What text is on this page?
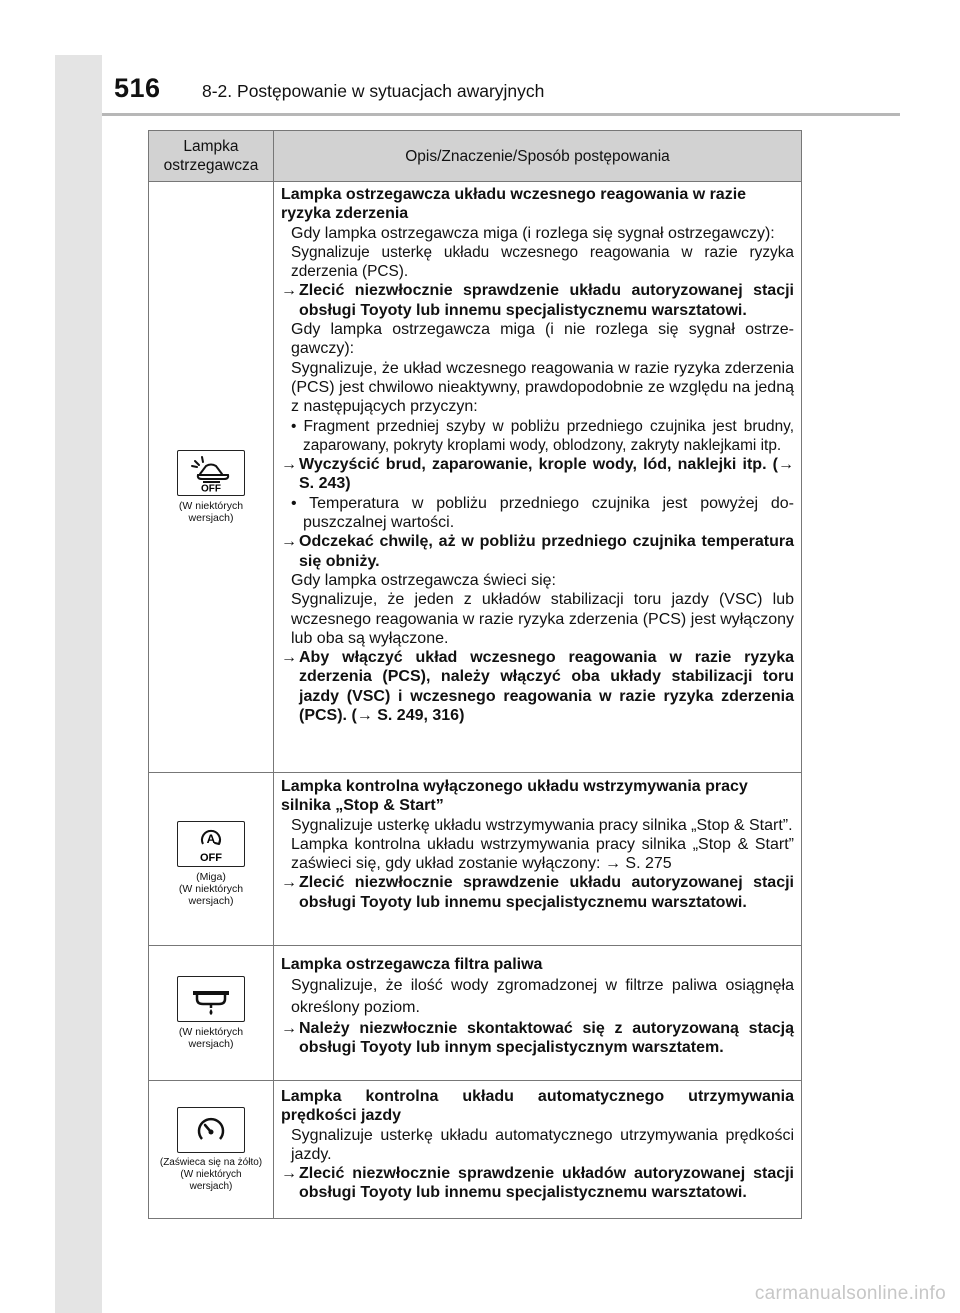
516 8-2. Postępowanie w sytuacjach awaryjnych
Lampka
ostrzegawcza
Opis/Znaczenie/Sposób postępowania
OFF
(W niektórych
wersjach)
Lampka ostrzegawcza układu wczesnego reagowania w razie ryzyka zderzenia
Gdy lampka ostrzegawcza miga (i rozlega się sygnał ostrzegawczy):
Sygnalizuje usterkę układu wczesnego reagowania w razie ryzyka zderzenia (PCS).
→ Zlecić niezwłocznie sprawdzenie układu autoryzowanej stacji obsługi Toyoty lub innemu specjalistycznemu warsztatowi.
Gdy lampka ostrzegawcza miga (i nie rozlega się sygnał ostrzegawczy):
Sygnalizuje, że układ wczesnego reagowania w razie ryzyka zderzenia (PCS) jest chwilowo nieaktywny, prawdopodobnie ze względu na jedną z następujących przyczyn:
• Fragment przedniej szyby w pobliżu przedniego czujnika jest brudny, zaparowany, pokryty kroplami wody, oblodzony, zakryty naklejkami itp.
→ Wyczyścić brud, zaparowanie, krople wody, lód, naklejki itp. (→ S. 243)
• Temperatura w pobliżu przedniego czujnika jest powyżej dopuszczalnej wartości.
→ Odczekać chwilę, aż w pobliżu przedniego czujnika temperatura się obniży.
Gdy lampka ostrzegawcza świeci się:
Sygnalizuje, że jeden z układów stabilizacji toru jazdy (VSC) lub wczesnego reagowania w razie ryzyka zderzenia (PCS) jest wyłączony lub oba są wyłączone.
→ Aby włączyć układ wczesnego reagowania w razie ryzyka zderzenia (PCS), należy włączyć oba układy stabilizacji toru jazdy (VSC) i wczesnego reagowania w razie ryzyka zderzenia (PCS). (→ S. 249, 316)
A
OFF
(Miga)
(W niektórych
wersjach)
Lampka kontrolna wyłączonego układu wstrzymywania pracy silnika „Stop & Start”
Sygnalizuje usterkę układu wstrzymywania pracy silnika „Stop & Start”.
Lampka kontrolna układu wstrzymywania pracy silnika „Stop & Start” zaświeci się, gdy układ zostanie wyłączony: → S. 275
→ Zlecić niezwłocznie sprawdzenie układu autoryzowanej stacji obsługi Toyoty lub innemu specjalistycznemu warsztatowi.
(W niektórych
wersjach)
Lampka ostrzegawcza filtra paliwa
Sygnalizuje, że ilość wody zgromadzonej w filtrze paliwa osiągnęła określony poziom.
→ Należy niezwłocznie skontaktować się z autoryzowaną stacją obsługi Toyoty lub innym specjalistycznym warsztatem.
(Zaświeca się na żółto)
(W niektórych
wersjach)
Lampka kontrolna układu automatycznego utrzymywania prędkości jazdy
Sygnalizuje usterkę układu automatycznego utrzymywania prędkości jazdy.
→ Zlecić niezwłocznie sprawdzenie układów autoryzowanej stacji obsługi Toyoty lub innemu specjalistycznemu warsztatowi.
carmanualsonline.info
